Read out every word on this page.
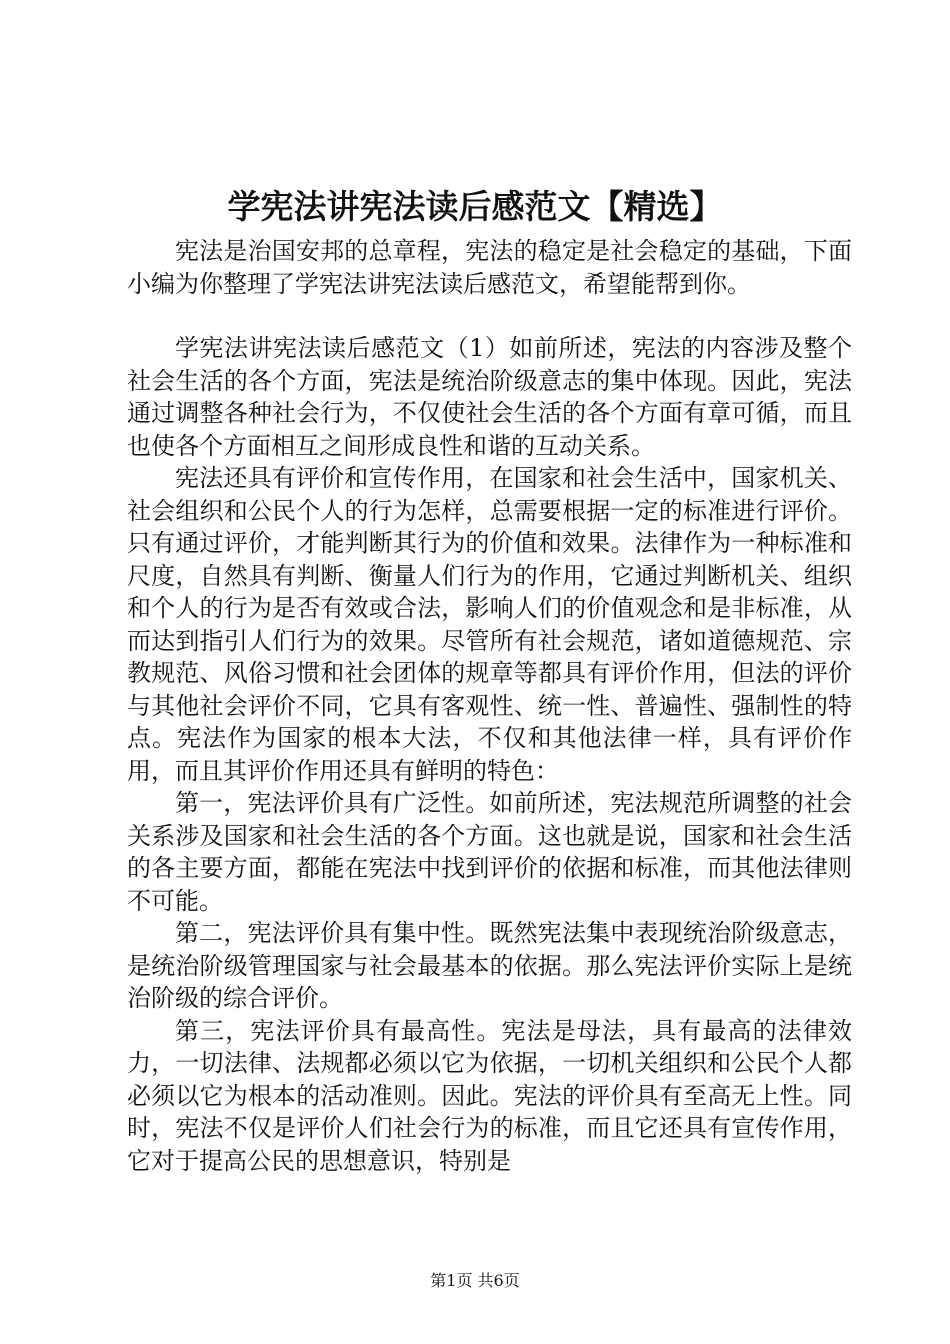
学宪法讲宪法读后感范文【精选】

宪法是治国安邦的总章程，宪法的稳定是社会稳定的基础，下面小编为你整理了学宪法讲宪法读后感范文，希望能帮到你。

学宪法讲宪法读后感范文（1）如前所述，宪法的内容涉及整个社会生活的各个方面，宪法是统治阶级意志的集中体现。因此，宪法通过调整各种社会行为，不仅使社会生活的各个方面有章可循，而且也使各个方面相互之间形成良性和谐的互动关系。

宪法还具有评价和宣传作用，在国家和社会生活中，国家机关、社会组织和公民个人的行为怎样，总需要根据一定的标准进行评价。只有通过评价，才能判断其行为的价值和效果。法律作为一种标准和尺度，自然具有判断、衡量人们行为的作用，它通过判断机关、组织和个人的行为是否有效或合法，影响人们的价值观念和是非标准，从而达到指引人们行为的效果。尽管所有社会规范，诸如道德规范、宗教规范、风俗习惯和社会团体的规章等都具有评价作用，但法的评价与其他社会评价不同，它具有客观性、统一性、普遍性、强制性的特点。宪法作为国家的根本大法，不仅和其他法律一样，具有评价作用，而且其评价作用还具有鲜明的特色：

第一，宪法评价具有广泛性。如前所述，宪法规范所调整的社会关系涉及国家和社会生活的各个方面。这也就是说，国家和社会生活的各主要方面，都能在宪法中找到评价的依据和标准，而其他法律则不可能。

第二，宪法评价具有集中性。既然宪法集中表现统治阶级意志，是统治阶级管理国家与社会最基本的依据。那么宪法评价实际上是统治阶级的综合评价。

第三，宪法评价具有最高性。宪法是母法，具有最高的法律效力，一切法律、法规都必须以它为依据，一切机关组织和公民个人都必须以它为根本的活动准则。因此。宪法的评价具有至高无上性。同时，宪法不仅是评价人们社会行为的标准，而且它还具有宣传作用，它对于提高公民的思想意识，特别是

第1页 共6页
